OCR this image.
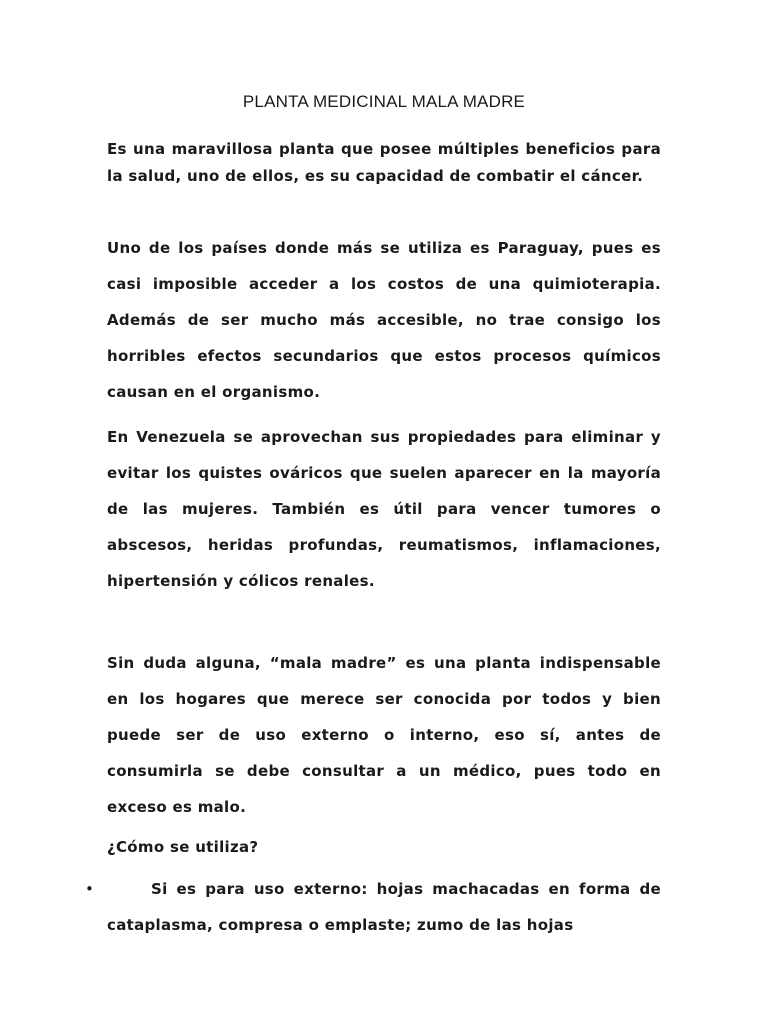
PLANTA MEDICINAL MALA MADRE

Es una maravillosa planta que posee múltiples beneficios para la salud, uno de ellos, es su capacidad de combatir el cáncer.

Uno de los países donde más se utiliza es Paraguay, pues es casi imposible acceder a los costos de una quimioterapia. Además de ser mucho más accesible, no trae consigo los horribles efectos secundarios que estos procesos químicos causan en el organismo.

En Venezuela se aprovechan sus propiedades para eliminar y evitar los quistes ováricos que suelen aparecer en la mayoría de las mujeres. También es útil para vencer tumores o abscesos, heridas profundas, reumatismos, inflamaciones, hipertensión y cólicos renales.

Sin duda alguna, “mala madre” es una planta indispensable en los hogares que merece ser conocida por todos y bien puede ser de uso externo o interno, eso sí, antes de consumirla se debe consultar a un médico, pues todo en exceso es malo.

¿Cómo se utiliza?

•	Si es para uso externo: hojas machacadas en forma de cataplasma, compresa o emplaste; zumo de las hojas
